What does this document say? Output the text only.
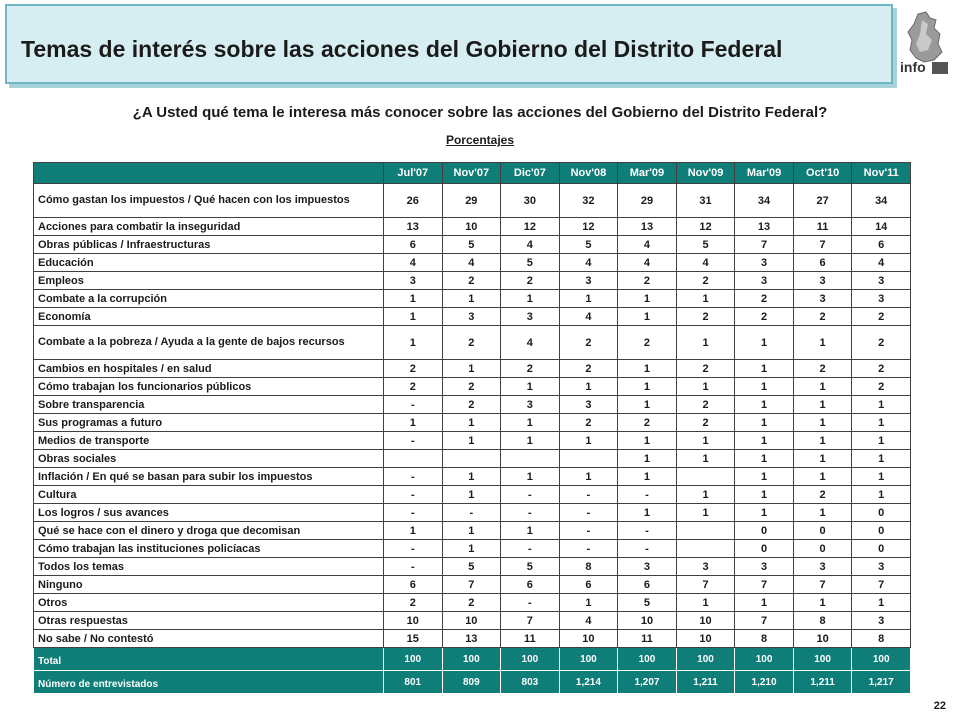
Temas de interés sobre las acciones del Gobierno del Distrito Federal
info
¿A Usted qué tema le interesa más conocer sobre las acciones del Gobierno del Distrito Federal?
Porcentajes
	Jul'07	Nov'07	Dic'07	Nov'08	Mar'09	Nov'09	Mar'09	Oct'10	Nov'11
Cómo gastan los impuestos / Qué hacen con los impuestos	26	29	30	32	29	31	34	27	34
Acciones para combatir la inseguridad	13	10	12	12	13	12	13	11	14
Obras públicas / Infraestructuras	6	5	4	5	4	5	7	7	6
Educación	4	4	5	4	4	4	3	6	4
Empleos	3	2	2	3	2	2	3	3	3
Combate a la corrupción	1	1	1	1	1	1	2	3	3
Economía	1	3	3	4	1	2	2	2	2
Combate a la pobreza / Ayuda a la gente de bajos recursos	1	2	4	2	2	1	1	1	2
Cambios en hospitales / en salud	2	1	2	2	1	2	1	2	2
Cómo trabajan los funcionarios públicos	2	2	1	1	1	1	1	1	2
Sobre transparencia	-	2	3	3	1	2	1	1	1
Sus programas a futuro	1	1	1	2	2	2	1	1	1
Medios de transporte	-	1	1	1	1	1	1	1	1
Obras sociales					1	1	1	1	1
Inflación / En qué se basan para subir los impuestos	-	1	1	1	1		1	1	1
Cultura	-	1	-	-	-	1	1	2	1
Los logros / sus avances	-	-	-	-	1	1	1	1	0
Qué se hace con el dinero y droga que decomisan	1	1	1	-	-		0	0	0
Cómo trabajan las instituciones policíacas	-	1	-	-	-		0	0	0
Todos los temas	-	5	5	8	3	3	3	3	3
Ninguno	6	7	6	6	6	7	7	7	7
Otros	2	2	-	1	5	1	1	1	1
Otras respuestas	10	10	7	4	10	10	7	8	3
No sabe / No contestó	15	13	11	10	11	10	8	10	8
Total	100	100	100	100	100	100	100	100	100
Número de entrevistados	801	809	803	1,214	1,207	1,211	1,210	1,211	1,217
22
